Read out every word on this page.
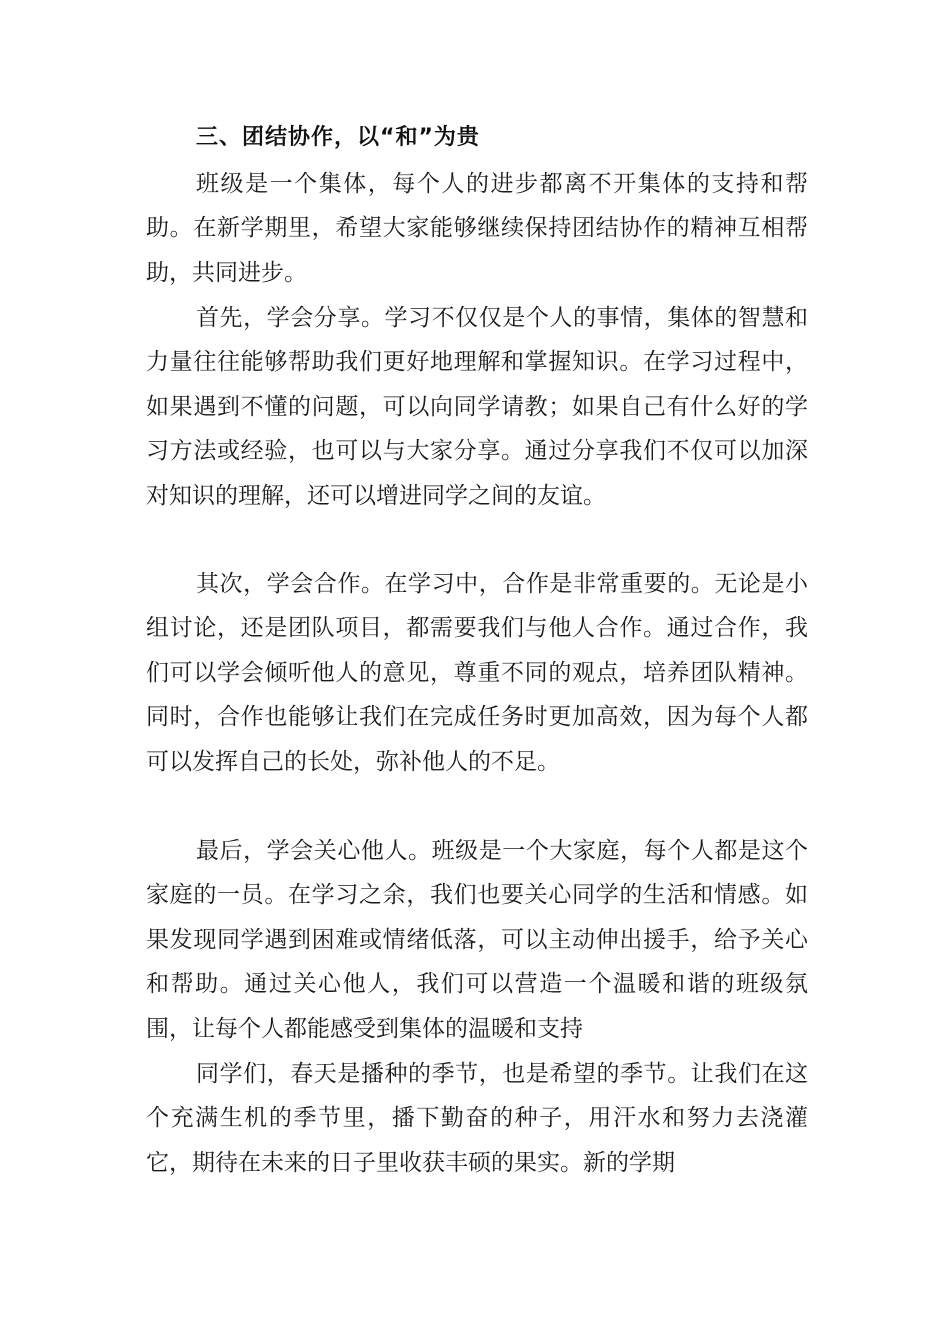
三、团结协作，以“和”为贵

班级是一个集体，每个人的进步都离不开集体的支持和帮助。在新学期里，希望大家能够继续保持团结协作的精神互相帮助，共同进步。

首先，学会分享。学习不仅仅是个人的事情，集体的智慧和力量往往能够帮助我们更好地理解和掌握知识。在学习过程中，如果遇到不懂的问题，可以向同学请教；如果自己有什么好的学习方法或经验，也可以与大家分享。通过分享我们不仅可以加深对知识的理解，还可以增进同学之间的友谊。

其次，学会合作。在学习中，合作是非常重要的。无论是小组讨论，还是团队项目，都需要我们与他人合作。通过合作，我们可以学会倾听他人的意见，尊重不同的观点，培养团队精神。同时，合作也能够让我们在完成任务时更加高效，因为每个人都可以发挥自己的长处，弥补他人的不足。

最后，学会关心他人。班级是一个大家庭，每个人都是这个家庭的一员。在学习之余，我们也要关心同学的生活和情感。如果发现同学遇到困难或情绪低落，可以主动伸出援手，给予关心和帮助。通过关心他人，我们可以营造一个温暖和谐的班级氛围，让每个人都能感受到集体的温暖和支持

同学们，春天是播种的季节，也是希望的季节。让我们在这个充满生机的季节里，播下勤奋的种子，用汗水和努力去浇灌它，期待在未来的日子里收获丰硕的果实。新的学期
